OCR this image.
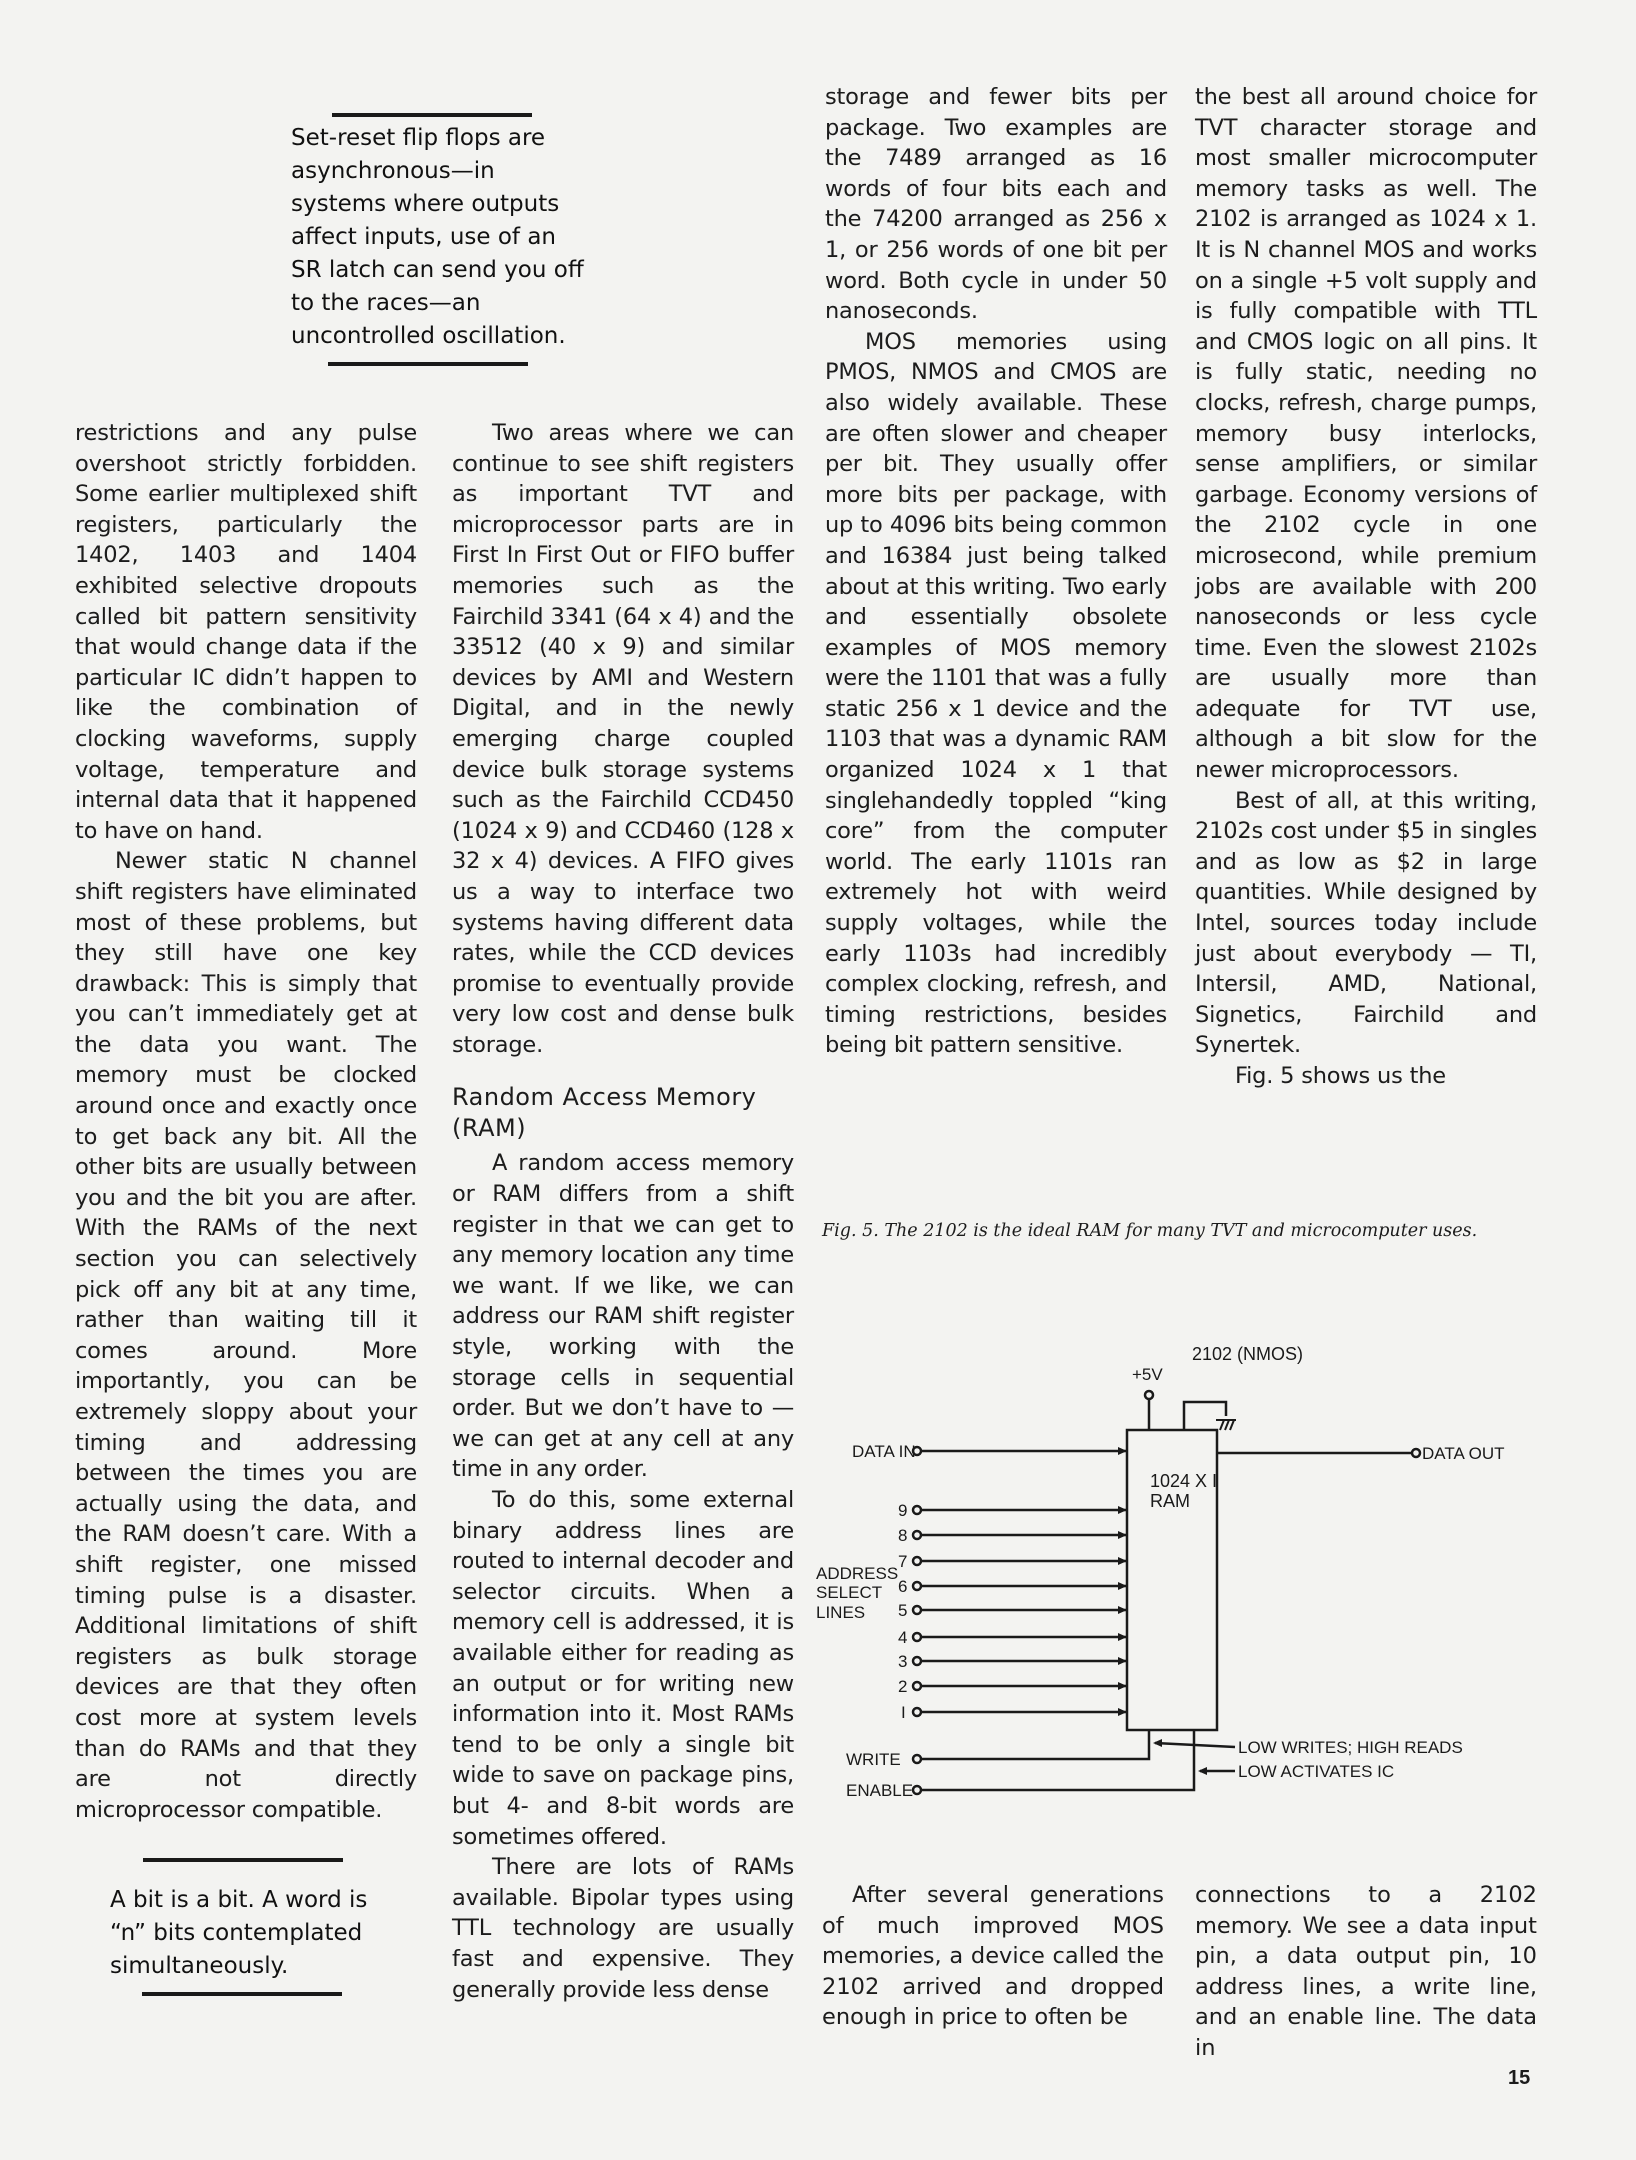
Set-reset flip flops are asynchronous—in systems where outputs affect inputs, use of an SR latch can send you off to the races—an uncontrolled oscillation.

restrictions and any pulse overshoot strictly forbidden. Some earlier multiplexed shift registers, particularly the 1402, 1403 and 1404 exhibited selective dropouts called bit pattern sensitivity that would change data if the particular IC didn’t happen to like the combination of clocking waveforms, supply voltage, temperature and internal data that it happened to have on hand.

Newer static N channel shift registers have eliminated most of these problems, but they still have one key drawback: This is simply that you can’t immediately get at the data you want. The memory must be clocked around once and exactly once to get back any bit. All the other bits are usually between you and the bit you are after. With the RAMs of the next section you can selectively pick off any bit at any time, rather than waiting till it comes around. More importantly, you can be extremely sloppy about your timing and addressing between the times you are actually using the data, and the RAM doesn’t care. With a shift register, one missed timing pulse is a disaster. Additional limitations of shift registers as bulk storage devices are that they often cost more at system levels than do RAMs and that they are not directly microprocessor compatible.

A bit is a bit. A word is “n” bits contemplated simultaneously.

Two areas where we can continue to see shift registers as important TVT and microprocessor parts are in First In First Out or FIFO buffer memories such as the Fairchild 3341 (64 x 4) and the 33512 (40 x 9) and similar devices by AMI and Western Digital, and in the newly emerging charge coupled device bulk storage systems such as the Fairchild CCD450 (1024 x 9) and CCD460 (128 x 32 x 4) devices. A FIFO gives us a way to interface two systems having different data rates, while the CCD devices promise to eventually provide very low cost and dense bulk storage.

Random Access Memory (RAM)

A random access memory or RAM differs from a shift register in that we can get to any memory location any time we want. If we like, we can address our RAM shift register style, working with the storage cells in sequential order. But we don’t have to — we can get at any cell at any time in any order.

To do this, some external binary address lines are routed to internal decoder and selector circuits. When a memory cell is addressed, it is available either for reading as an output or for writing new information into it. Most RAMs tend to be only a single bit wide to save on package pins, but 4- and 8-bit words are sometimes offered.

There are lots of RAMs available. Bipolar types using TTL technology are usually fast and expensive. They generally provide less dense

storage and fewer bits per package. Two examples are the 7489 arranged as 16 words of four bits each and the 74200 arranged as 256 x 1, or 256 words of one bit per word. Both cycle in under 50 nanoseconds.

MOS memories using PMOS, NMOS and CMOS are also widely available. These are often slower and cheaper per bit. They usually offer more bits per package, with up to 4096 bits being common and 16384 just being talked about at this writing. Two early and essentially obsolete examples of MOS memory were the 1101 that was a fully static 256 x 1 device and the 1103 that was a dynamic RAM organized 1024 x 1 that singlehandedly toppled “king core” from the computer world. The early 1101s ran extremely hot with weird supply voltages, while the early 1103s had incredibly complex clocking, refresh, and timing restrictions, besides being bit pattern sensitive.

the best all around choice for TVT character storage and most smaller microcomputer memory tasks as well. The 2102 is arranged as 1024 x 1. It is N channel MOS and works on a single +5 volt supply and is fully compatible with TTL and CMOS logic on all pins. It is fully static, needing no clocks, refresh, charge pumps, memory busy interlocks, sense amplifiers, or similar garbage. Economy versions of the 2102 cycle in one microsecond, while premium jobs are available with 200 nanoseconds or less cycle time. Even the slowest 2102s are usually more than adequate for TVT use, although a bit slow for the newer microprocessors.

Best of all, at this writing, 2102s cost under $5 in singles and as low as $2 in large quantities. While designed by Intel, sources today include just about everybody — TI, Intersil, AMD, National, Signetics, Fairchild and Synertek.

Fig. 5 shows us the

Fig. 5. The 2102 is the ideal RAM for many TVT and microcomputer uses.
2102 (NMOS)
+5V
1024 X I
RAM
DATA IN	DATA OUT
ADDRESS
SELECT
LINES
9
8
7
6
5
4
3
2
I
WRITE
ENABLE
LOW WRITES; HIGH READS
LOW ACTIVATES IC

After several generations of much improved MOS memories, a device called the 2102 arrived and dropped enough in price to often be

connections to a 2102 memory. We see a data input pin, a data output pin, 10 address lines, a write line, and an enable line. The data in

15
